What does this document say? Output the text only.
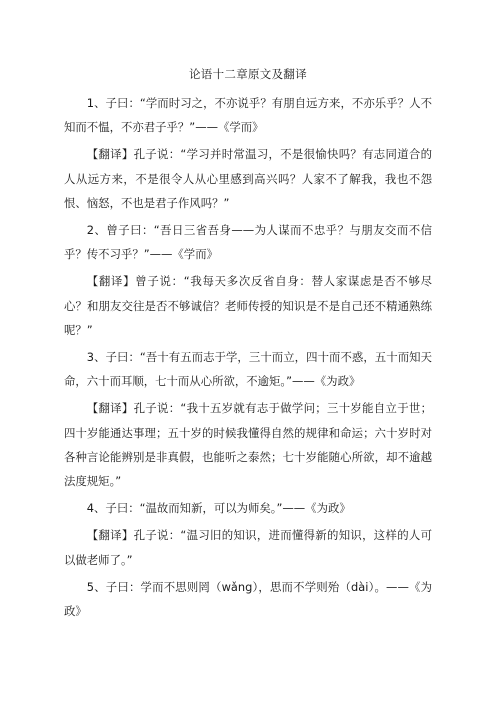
论语十二章原文及翻译

1、子曰：“学而时习之，不亦说乎？有朋自远方来，不亦乐乎？人不知而不愠，不亦君子乎？”——《学而》

【翻译】孔子说：“学习并时常温习，不是很愉快吗？有志同道合的人从远方来，不是很令人从心里感到高兴吗？人家不了解我，我也不怨恨、恼怒，不也是君子作风吗？”

2、曾子曰：“吾日三省吾身——为人谋而不忠乎？与朋友交而不信乎？传不习乎？”——《学而》

【翻译】曾子说：“我每天多次反省自身：替人家谋虑是否不够尽心？和朋友交往是否不够诚信？老师传授的知识是不是自己还不精通熟练呢？”

3、子曰：“吾十有五而志于学，三十而立，四十而不惑，五十而知天命，六十而耳顺，七十而从心所欲，不逾矩。”——《为政》

【翻译】孔子说：“我十五岁就有志于做学问；三十岁能自立于世；四十岁能通达事理；五十岁的时候我懂得自然的规律和命运；六十岁时对各种言论能辨别是非真假，也能听之泰然；七十岁能随心所欲，却不逾越法度规矩。”

4、子曰：“温故而知新，可以为师矣。”——《为政》

【翻译】孔子说：“温习旧的知识，进而懂得新的知识，这样的人可以做老师了。”

5、子曰：学而不思则罔（wǎng），思而不学则殆（dài）。——《为政》
